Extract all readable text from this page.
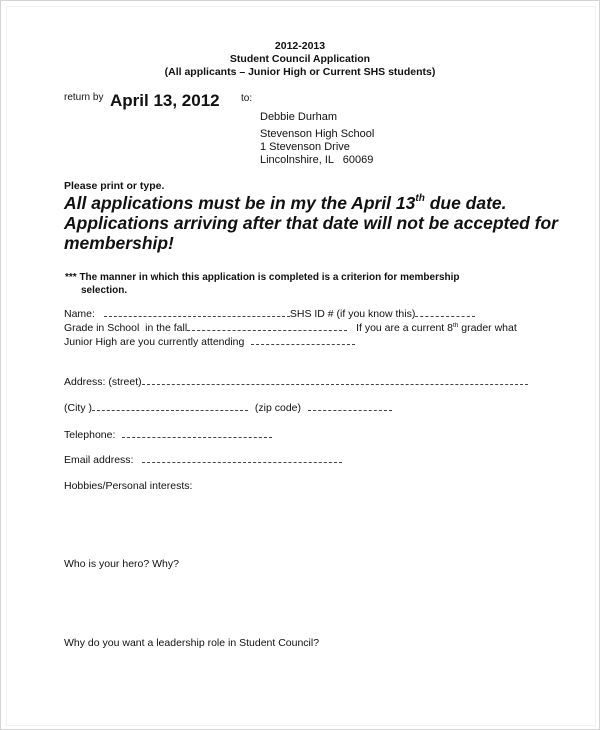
2012-2013
Student Council Application
(All applicants – Junior High or Current SHS students)
return by April 13, 2012 to:
Debbie Durham
Stevenson High School
1 Stevenson Drive
Lincolnshire, IL   60069
Please print or type.
All applications must be in my the April 13th due date.
Applications arriving after that date will not be accepted for
membership!
*** The manner in which this application is completed is a criterion for membership
selection.
Name:	SHS ID # (if you know this)
Grade in School  in the fall	If you are a current 8th grader what
Junior High are you currently attending
Address: (street)
(City )	(zip code)
Telephone:
Email address:
Hobbies/Personal interests:
Who is your hero? Why?
Why do you want a leadership role in Student Council?
